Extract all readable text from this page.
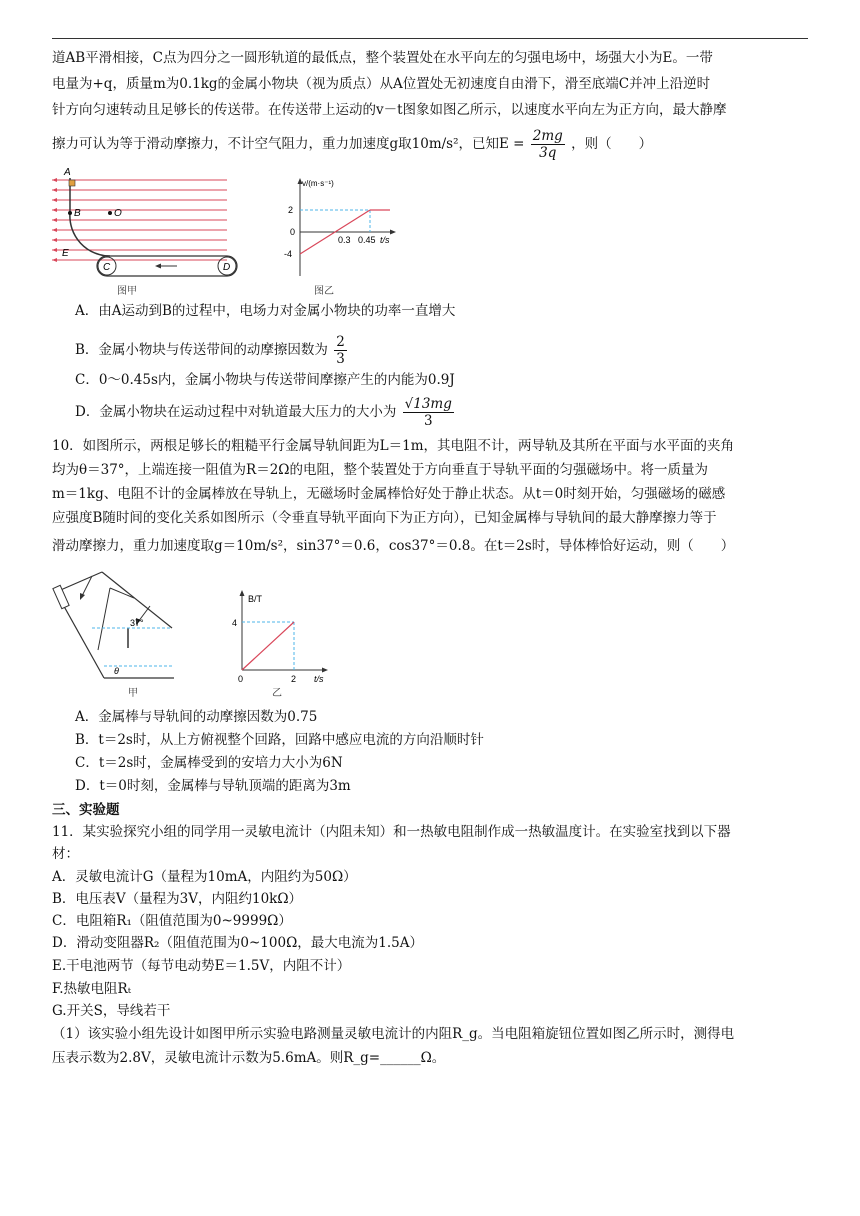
道AB平滑相接，C点为四分之一圆形轨道的最低点，整个装置处在水平向左的匀强电场中，场强大小为E。一带
电量为+q，质量m为0.1kg的金属小物块（视为质点）从A位置处无初速度自由滑下，滑至底端C并冲上沿逆时
针方向匀速转动且足够长的传送带。在传送带上运动的v－t图象如图乙所示，以速度水平向左为正方向，最大静摩
擦力可认为等于滑动摩擦力，不计空气阻力，重力加速度g取10m/s²，已知$E = \frac{2mg}{3q}$ ，则（　　）
A
B	O
E
C	D
图甲
v/(m·s⁻¹)
2
0
-4
0.3 0.45 t/s
图乙
A．由A运动到B的过程中，电场力对金属小物块的功率一直增大
B．金属小物块与传送带间的动摩擦因数为 $\frac{2}{3}$
C．0～0.45s内，金属小物块与传送带间摩擦产生的内能为0.9J
D．金属小物块在运动过程中对轨道最大压力的大小为 $\frac{√13mg}{3}$
10．如图所示，两根足够长的粗糙平行金属导轨间距为L＝1m，其电阻不计，两导轨及其所在平面与水平面的夹角
均为θ＝37°，上端连接一阻值为R＝2Ω的电阻，整个装置处于方向垂直于导轨平面的匀强磁场中。将一质量为
m＝1kg、电阻不计的金属棒放在导轨上，无磁场时金属棒恰好处于静止状态。从t＝0时刻开始，匀强磁场的磁感
应强度B随时间的变化关系如图所示（令垂直导轨平面向下为正方向），已知金属棒与导轨间的最大静摩擦力等于
滑动摩擦力，重力加速度取g＝10m/s²，sin37°＝0.6，cos37°＝0.8。在t＝2s时，导体棒恰好运动，则（　　）
37°
θ
甲
B/T
4
0	2 t/s
乙
A．金属棒与导轨间的动摩擦因数为0.75
B．t＝2s时，从上方俯视整个回路，回路中感应电流的方向沿顺时针
C．t＝2s时，金属棒受到的安培力大小为6N
D．t＝0时刻，金属棒与导轨顶端的距离为3m
三、实验题
11．某实验探究小组的同学用一灵敏电流计（内阻未知）和一热敏电阻制作成一热敏温度计。在实验室找到以下器
材：
A．灵敏电流计G（量程为10mA，内阻约为50Ω）
B．电压表V（量程为3V，内阻约10kΩ）
C．电阻箱R₁（阻值范围为0~9999Ω）
D．滑动变阻器R₂（阻值范围为0~100Ω，最大电流为1.5A）
E.干电池两节（每节电动势E＝1.5V，内阻不计）
F.热敏电阻Rₜ
G.开关S，导线若干
（1）该实验小组先设计如图甲所示实验电路测量灵敏电流计的内阻R_g。当电阻箱旋钮位置如图乙所示时，测得电
压表示数为2.8V，灵敏电流计示数为5.6mA。则R_g=______Ω。
